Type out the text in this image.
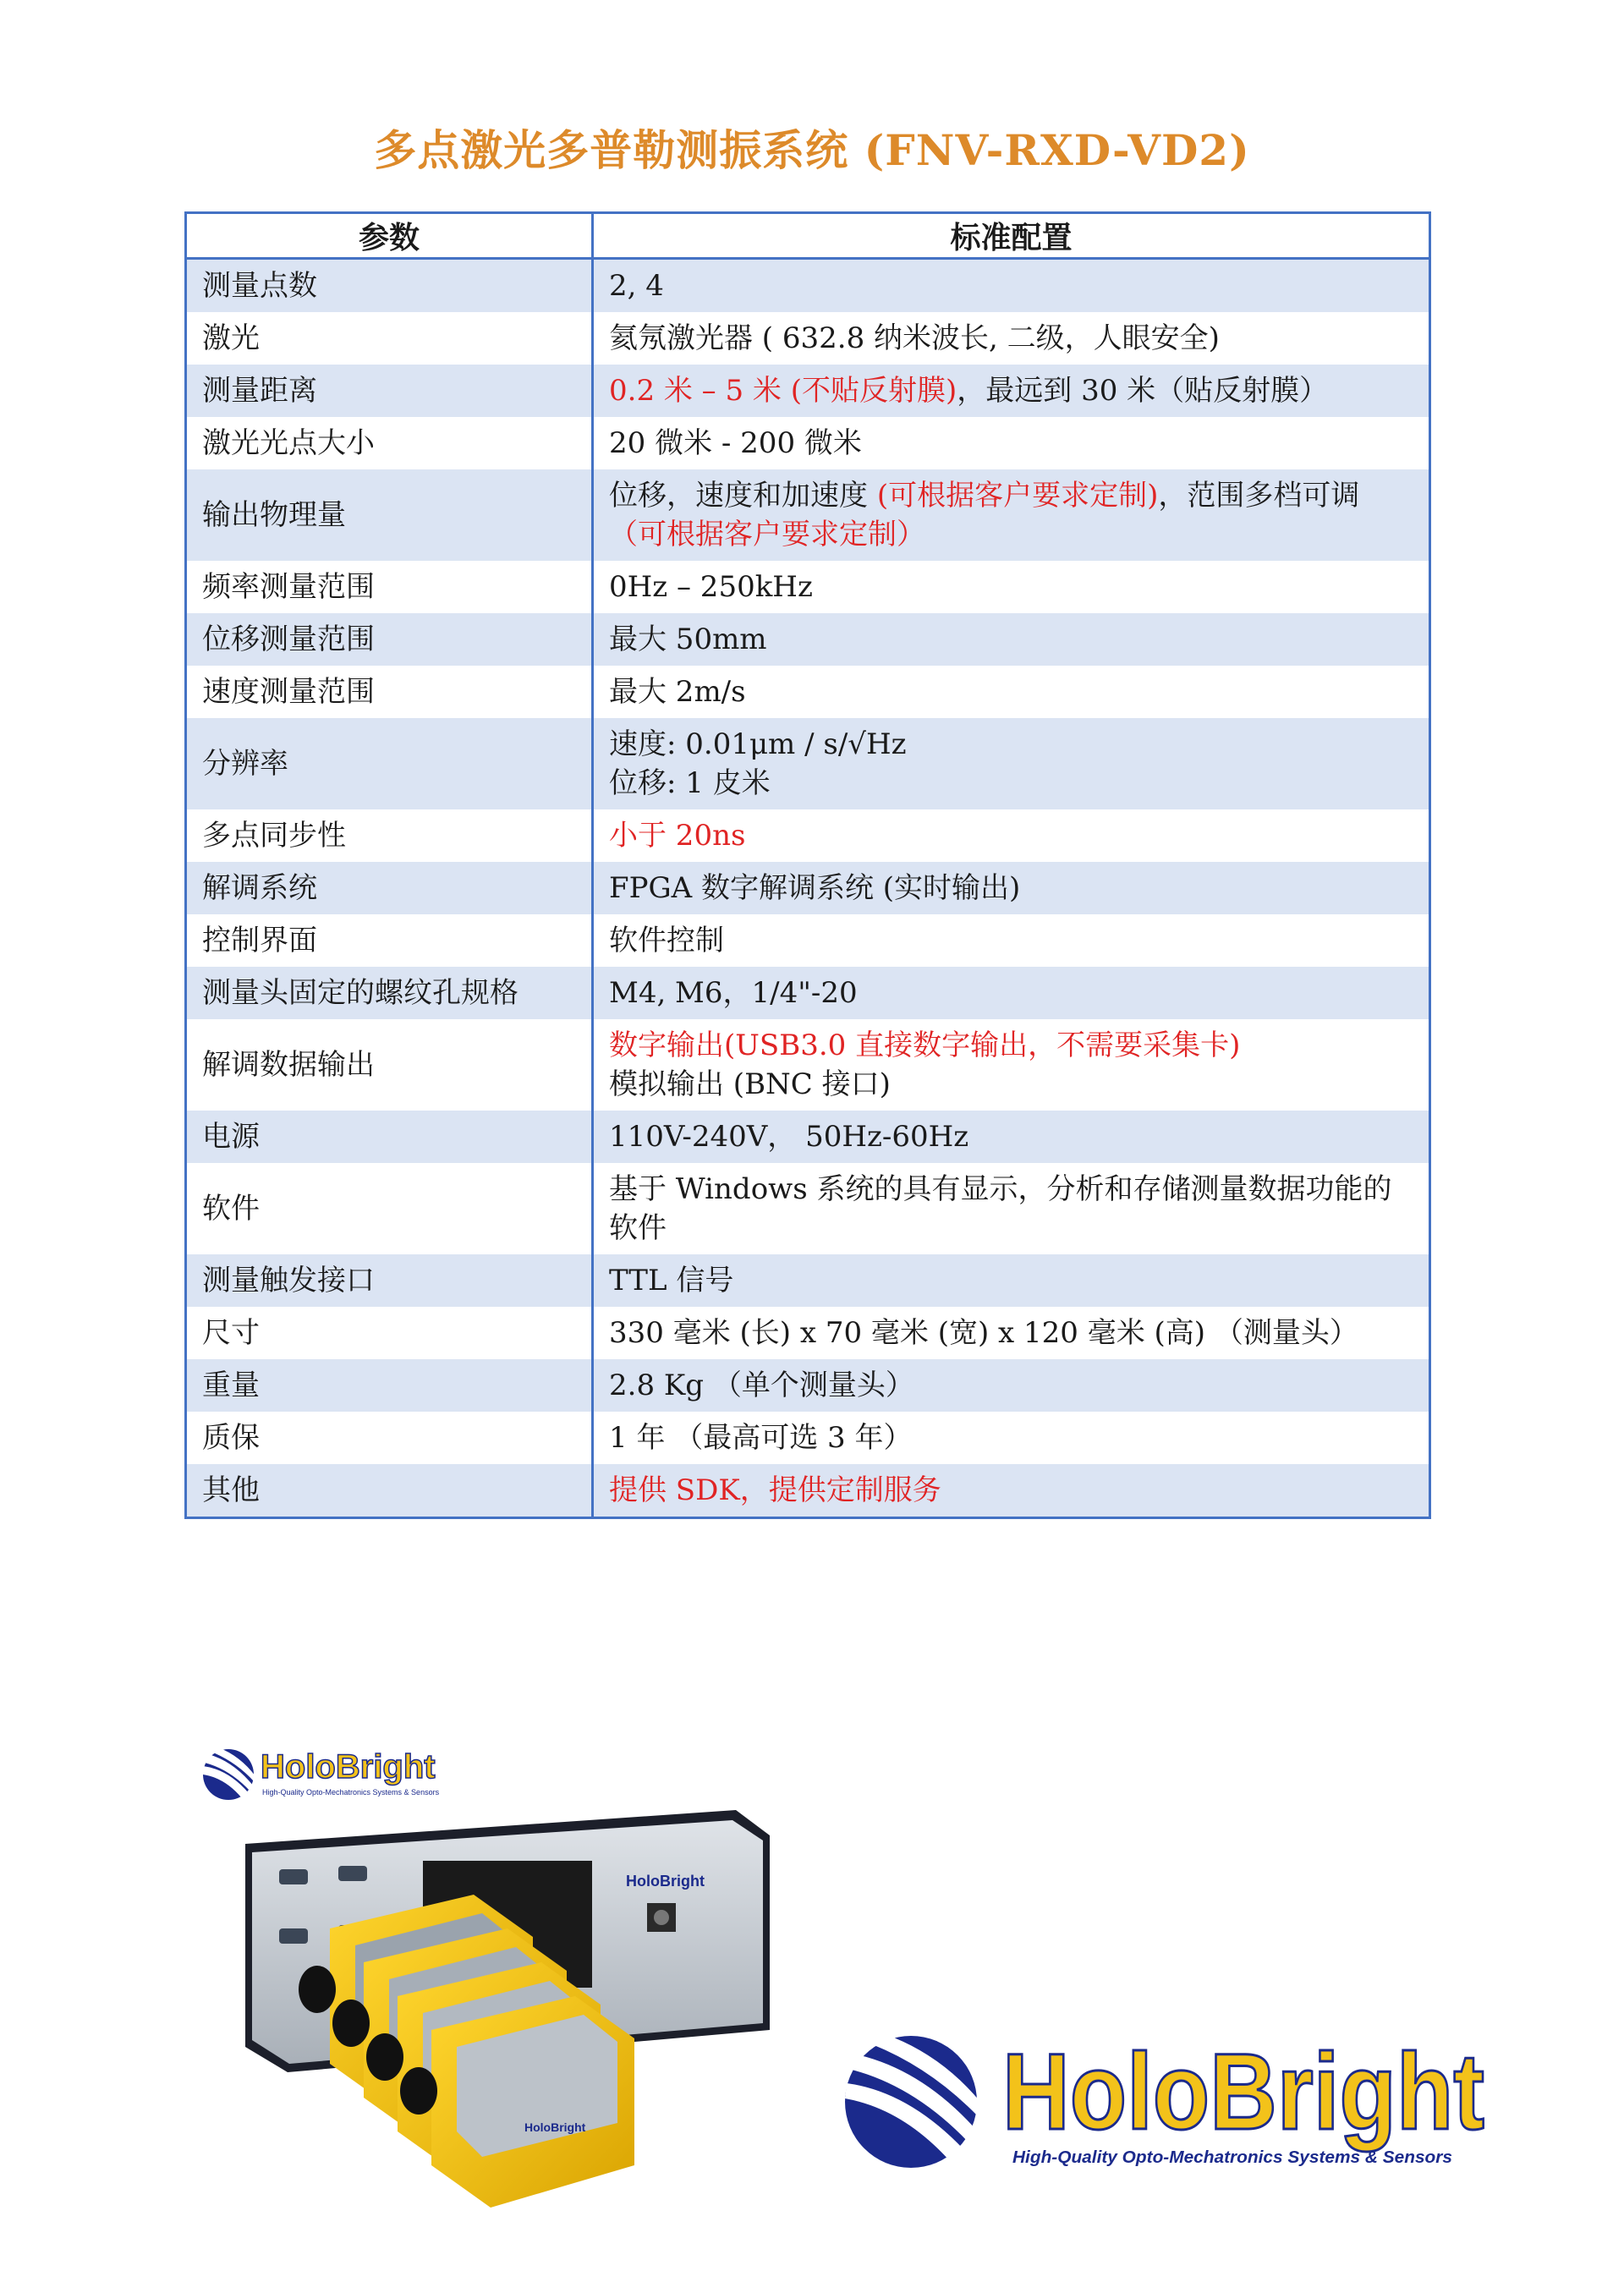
多点激光多普勒测振系统 (FNV-RXD-VD2)
参数	标准配置
测量点数	2, 4
激光	氦氖激光器 ( 632.8 纳米波长, 二级，人眼安全)
测量距离	0.2 米 – 5 米 (不贴反射膜)，最远到 30 米（贴反射膜）
激光光点大小	20 微米 - 200 微米
输出物理量	位移，速度和加速度 (可根据客户要求定制)，范围多档可调
（可根据客户要求定制）
频率测量范围	0Hz – 250kHz
位移测量范围	最大 50mm
速度测量范围	最大 2m/s
分辨率	速度: 0.01μm / s/√Hz
位移: 1 皮米
多点同步性	小于 20ns
解调系统	FPGA 数字解调系统 (实时输出)
控制界面	软件控制
测量头固定的螺纹孔规格	M4, M6，1/4"-20
解调数据输出	数字输出(USB3.0 直接数字输出，不需要采集卡)
模拟输出 (BNC 接口)
电源	110V-240V， 50Hz-60Hz
软件	基于 Windows 系统的具有显示，分析和存储测量数据功能的
软件
测量触发接口	TTL 信号
尺寸	330 毫米 (长) x 70 毫米 (宽) x 120 毫米 (高) （测量头）
重量	2.8 Kg （单个测量头）
质保	1 年 （最高可选 3 年）
其他	提供 SDK，提供定制服务
HoloBright
High-Quality Opto-Mechatronics Systems & Sensors
HoloBright
HoloBright	HoloBright
High-Quality Opto-Mechatronics Systems & Sensors
